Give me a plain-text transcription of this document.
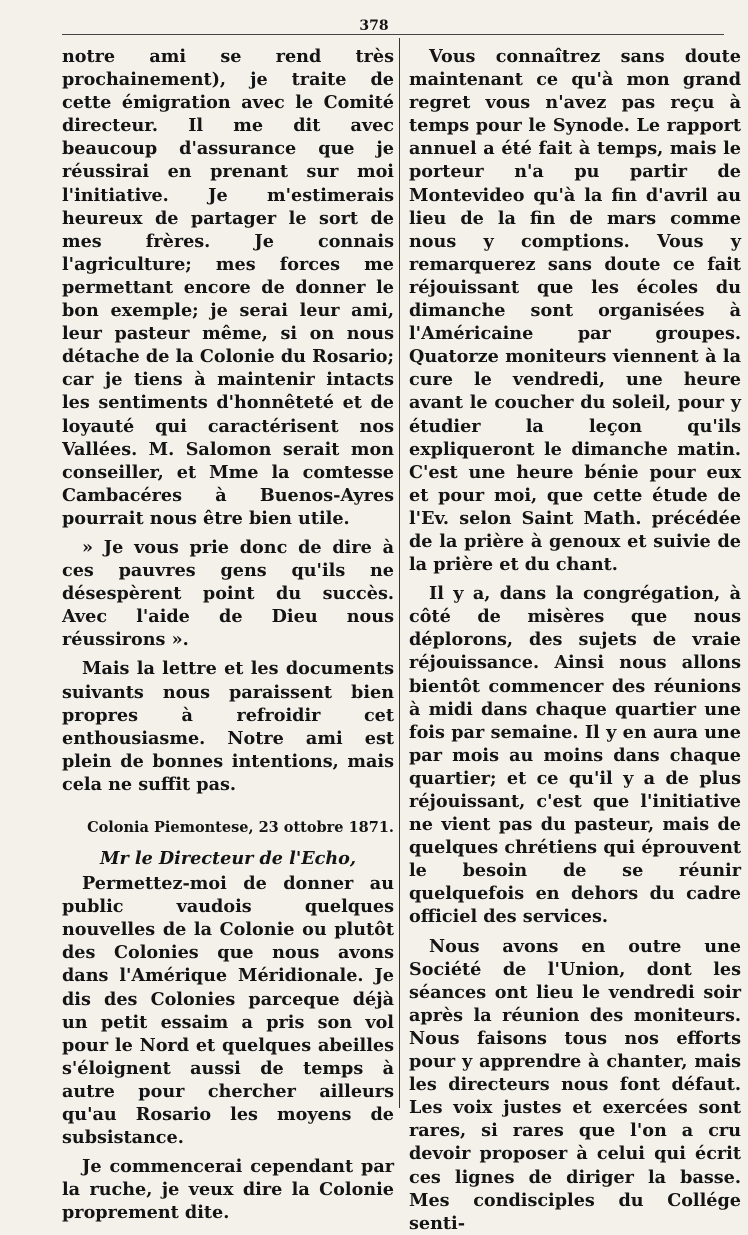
378

notre ami se rend très prochainement), je traite de cette émigration avec le Comité directeur. Il me dit avec beaucoup d'assurance que je réussirai en prenant sur moi l'initiative. Je m'estimerais heureux de partager le sort de mes frères. Je connais l'agriculture; mes forces me permettant encore de donner le bon exemple; je serai leur ami, leur pasteur même, si on nous détache de la Colonie du Rosario; car je tiens à maintenir intacts les sentiments d'honnêteté et de loyauté qui caractérisent nos Vallées. M. Salomon serait mon conseiller, et Mme la comtesse Cambacéres à Buenos-Ayres pourrait nous être bien utile.

» Je vous prie donc de dire à ces pauvres gens qu'ils ne désespèrent point du succès. Avec l'aide de Dieu nous réussirons ».

Mais la lettre et les documents suivants nous paraissent bien propres à refroidir cet enthousiasme. Notre ami est plein de bonnes intentions, mais cela ne suffit pas.

Colonia Piemontese, 23 ottobre 1871.
Mr le Directeur de l'Echo,

Permettez-moi de donner au public vaudois quelques nouvelles de la Colonie ou plutôt des Colonies que nous avons dans l'Amérique Méridionale. Je dis des Colonies parceque déjà un petit essaim a pris son vol pour le Nord et quelques abeilles s'éloignent aussi de temps à autre pour chercher ailleurs qu'au Rosario les moyens de subsistance.

Je commencerai cependant par la ruche, je veux dire la Colonie proprement dite.

Vous connaîtrez sans doute maintenant ce qu'à mon grand regret vous n'avez pas reçu à temps pour le Synode. Le rapport annuel a été fait à temps, mais le porteur n'a pu partir de Montevideo qu'à la fin d'avril au lieu de la fin de mars comme nous y comptions. Vous y remarquerez sans doute ce fait réjouissant que les écoles du dimanche sont organisées à l'Américaine par groupes. Quatorze moniteurs viennent à la cure le vendredi, une heure avant le coucher du soleil, pour y étudier la leçon qu'ils expliqueront le dimanche matin. C'est une heure bénie pour eux et pour moi, que cette étude de l'Ev. selon Saint Math. précédée de la prière à genoux et suivie de la prière et du chant.

Il y a, dans la congrégation, à côté de misères que nous déplorons, des sujets de vraie réjouissance. Ainsi nous allons bientôt commencer des réunions à midi dans chaque quartier une fois par semaine. Il y en aura une par mois au moins dans chaque quartier; et ce qu'il y a de plus réjouissant, c'est que l'initiative ne vient pas du pasteur, mais de quelques chrétiens qui éprouvent le besoin de se réunir quelquefois en dehors du cadre officiel des services.

Nous avons en outre une Société de l'Union, dont les séances ont lieu le vendredi soir après la réunion des moniteurs. Nous faisons tous nos efforts pour y apprendre à chanter, mais les directeurs nous font défaut. Les voix justes et exercées sont rares, si rares que l'on a cru devoir proposer à celui qui écrit ces lignes de diriger la basse. Mes condisciples du Collége senti-
